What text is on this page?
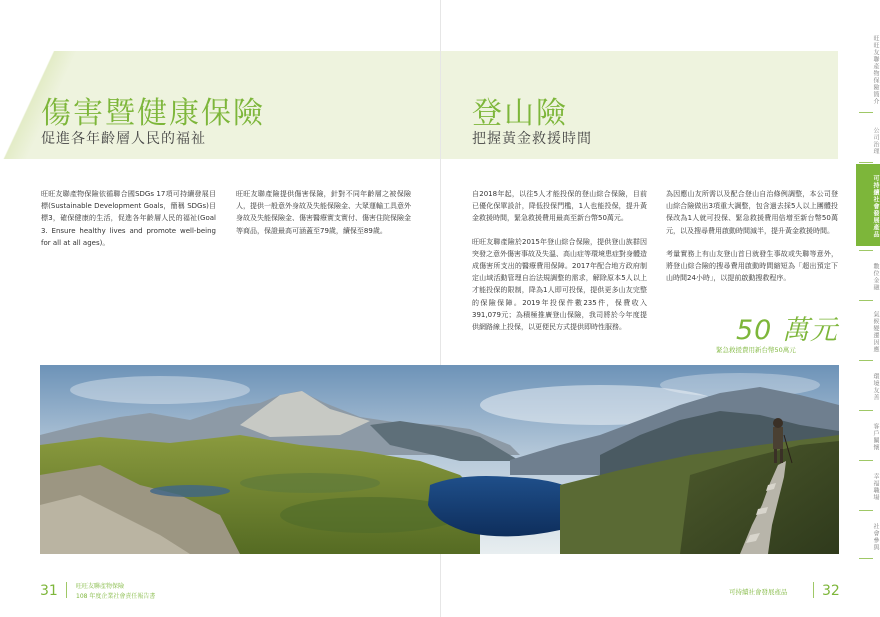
傷害暨健康保險
促進各年齡層人民的福祉

旺旺友聯產物保險依循聯合國SDGs 17項可持續發展目標(Sustainable Development Goals，簡稱 SDGs)目標3，確保健康的生活，促進各年齡層人民的福祉(Goal 3. Ensure healthy lives and promote well-being for all at all ages)。

旺旺友聯產險提供傷害保險，針對不同年齡層之被保險人，提供一般意外身故及失能保險金、大眾運輸工具意外身故及失能保險金、傷害醫療實支實付、傷害住院保險金等商品，保證最高可涵蓋至79歲，續保至89歲。

登山險
把握黃金救援時間

自2018年起，以往5人才能投保的登山綜合保險，目前已優化保單設計，降低投保門檻，1人也能投保，提升黃金救援時間，緊急救援費用最高至新台幣50萬元。

旺旺友聯產險於2015年登山綜合保險，提供登山族群因突發之意外傷害事故及失溫、高山症等環境患症對身體造成傷害所支出的醫療費用保障。2017年配合地方政府制定山域活動管理自治法規調整的需求，解除原本5人以上才能投保的限制，降為1人即可投保，提供更多山友完整的保險保障。2019年投保件數235件，保費收入391,079元；為積極推廣登山保險，我司將於今年度提供網路線上投保，以更便民方式提供即時性服務。

為因應山友所需以及配合登山自治條例調整，本公司登山綜合險做出3項重大調整，包含過去採5人以上團體投保改為1人就可投保、緊急救援費用倍增至新台幣50萬元，以及搜尋費用啟動時間減半，提升黃金救援時間。

考量實務上有山友登山首日就發生事故或失聯等意外，將登山綜合險的搜尋費用啟動時間縮短為「超出預定下山時間24小時」，以提前啟動搜救程序。

50 萬元
緊急救援費用新台幣50萬元
31	旺旺友聯產物保險
108 年度企業社會責任報告書
可持續社會發展產品 32
旺旺友聯產物保險簡介
公司治理
可持續社會發展產品
數位金融
氣候變遷因應
環境友善
客戶關懷
幸福職場
社會參與
